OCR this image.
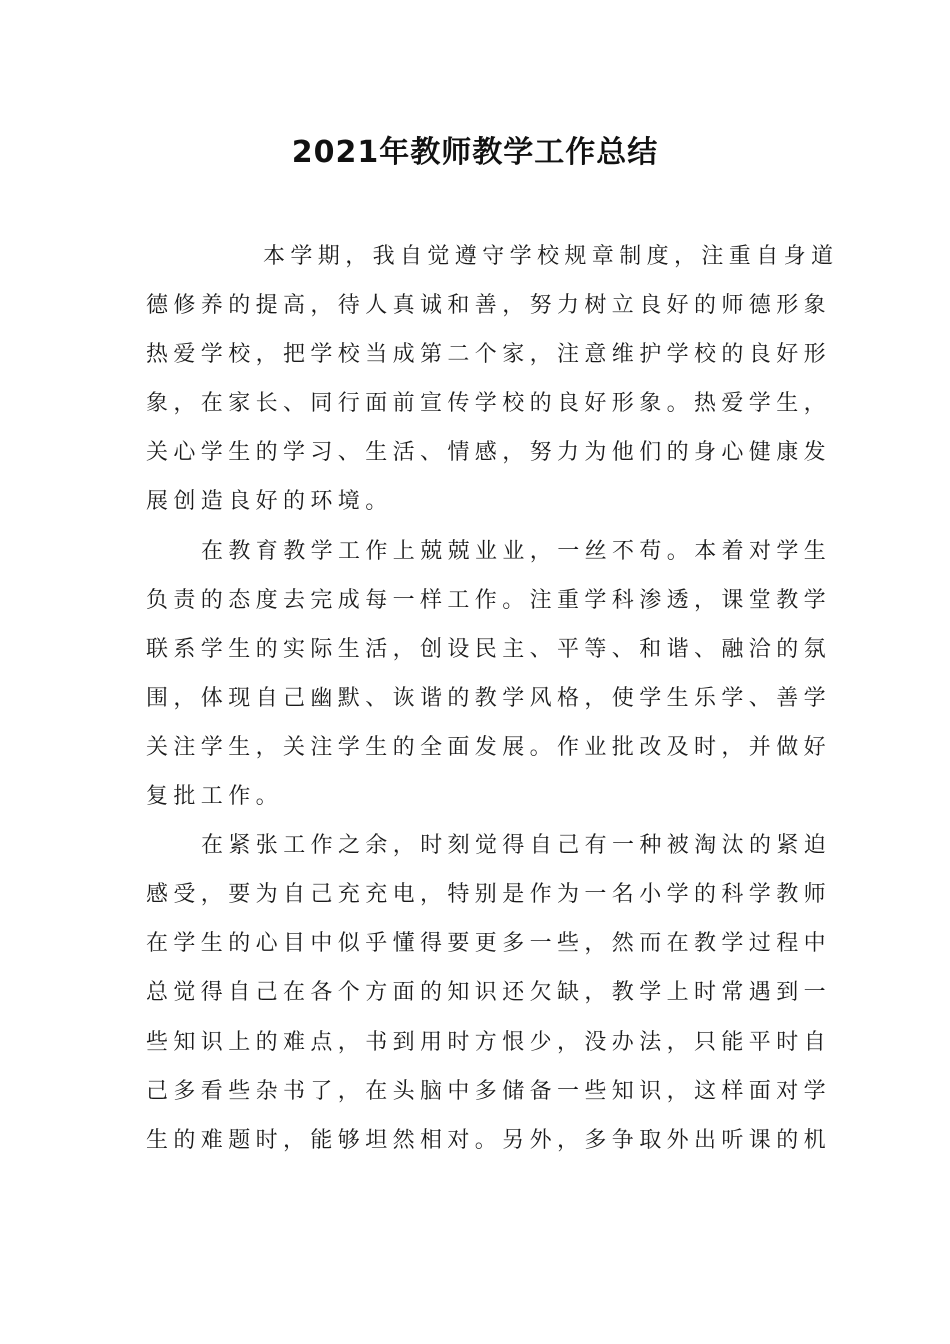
2021年教师教学工作总结
本学期，我自觉遵守学校规章制度，注重自身道
德修养的提高，待人真诚和善，努力树立良好的师德形象
热爱学校，把学校当成第二个家，注意维护学校的良好形
象，在家长、同行面前宣传学校的良好形象。热爱学生，
关心学生的学习、生活、情感，努力为他们的身心健康发
展创造良好的环境。
在教育教学工作上兢兢业业，一丝不苟。本着对学生
负责的态度去完成每一样工作。注重学科渗透，课堂教学
联系学生的实际生活，创设民主、平等、和谐、融洽的氛
围，体现自己幽默、诙谐的教学风格，使学生乐学、善学
关注学生，关注学生的全面发展。作业批改及时，并做好
复批工作。
在紧张工作之余，时刻觉得自己有一种被淘汰的紧迫
感受，要为自己充充电，特别是作为一名小学的科学教师
在学生的心目中似乎懂得要更多一些，然而在教学过程中
总觉得自己在各个方面的知识还欠缺，教学上时常遇到一
些知识上的难点，书到用时方恨少，没办法，只能平时自
己多看些杂书了，在头脑中多储备一些知识，这样面对学
生的难题时，能够坦然相对。另外，多争取外出听课的机
